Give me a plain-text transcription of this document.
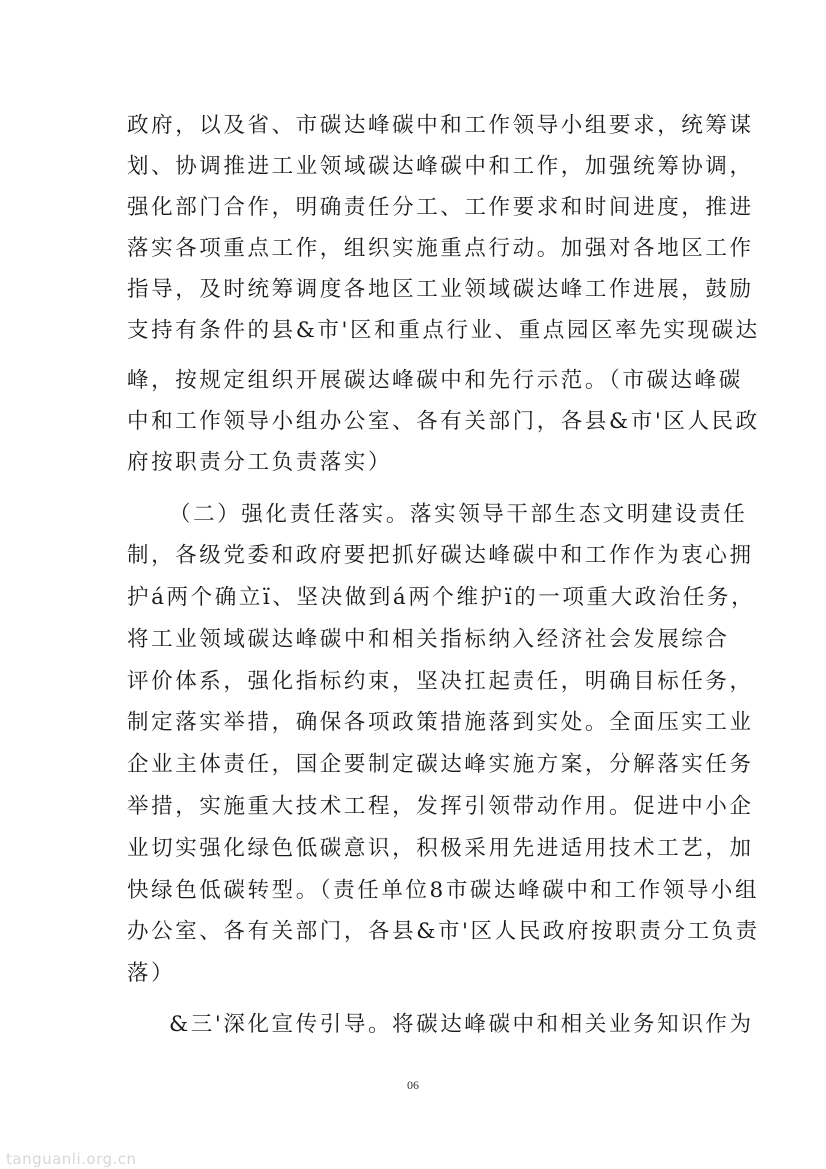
政府，以及省、市碳达峰碳中和工作领导小组要求，统筹谋
划、协调推进工业领域碳达峰碳中和工作，加强统筹协调，
强化部门合作，明确责任分工、工作要求和时间进度，推进
落实各项重点工作，组织实施重点行动。加强对各地区工作
指导，及时统筹调度各地区工业领域碳达峰工作进展，鼓励
支持有条件的县&市'区和重点行业、重点园区率先实现碳达
峰，按规定组织开展碳达峰碳中和先行示范。（市碳达峰碳
中和工作领导小组办公室、各有关部门，各县&市'区人民政
府按职责分工负责落实）
（二）强化责任落实。落实领导干部生态文明建设责任
制，各级党委和政府要把抓好碳达峰碳中和工作作为衷心拥
护á两个确立ï、坚决做到á两个维护ï的一项重大政治任务，
将工业领域碳达峰碳中和相关指标纳入经济社会发展综合
评价体系，强化指标约束，坚决扛起责任，明确目标任务，
制定落实举措，确保各项政策措施落到实处。全面压实工业
企业主体责任，国企要制定碳达峰实施方案，分解落实任务
举措，实施重大技术工程，发挥引领带动作用。促进中小企
业切实强化绿色低碳意识，积极采用先进适用技术工艺，加
快绿色低碳转型。（责任单位8市碳达峰碳中和工作领导小组
办公室、各有关部门，各县&市'区人民政府按职责分工负责
落）
&三'深化宣传引导。将碳达峰碳中和相关业务知识作为
06
tanguanli.org.cn
